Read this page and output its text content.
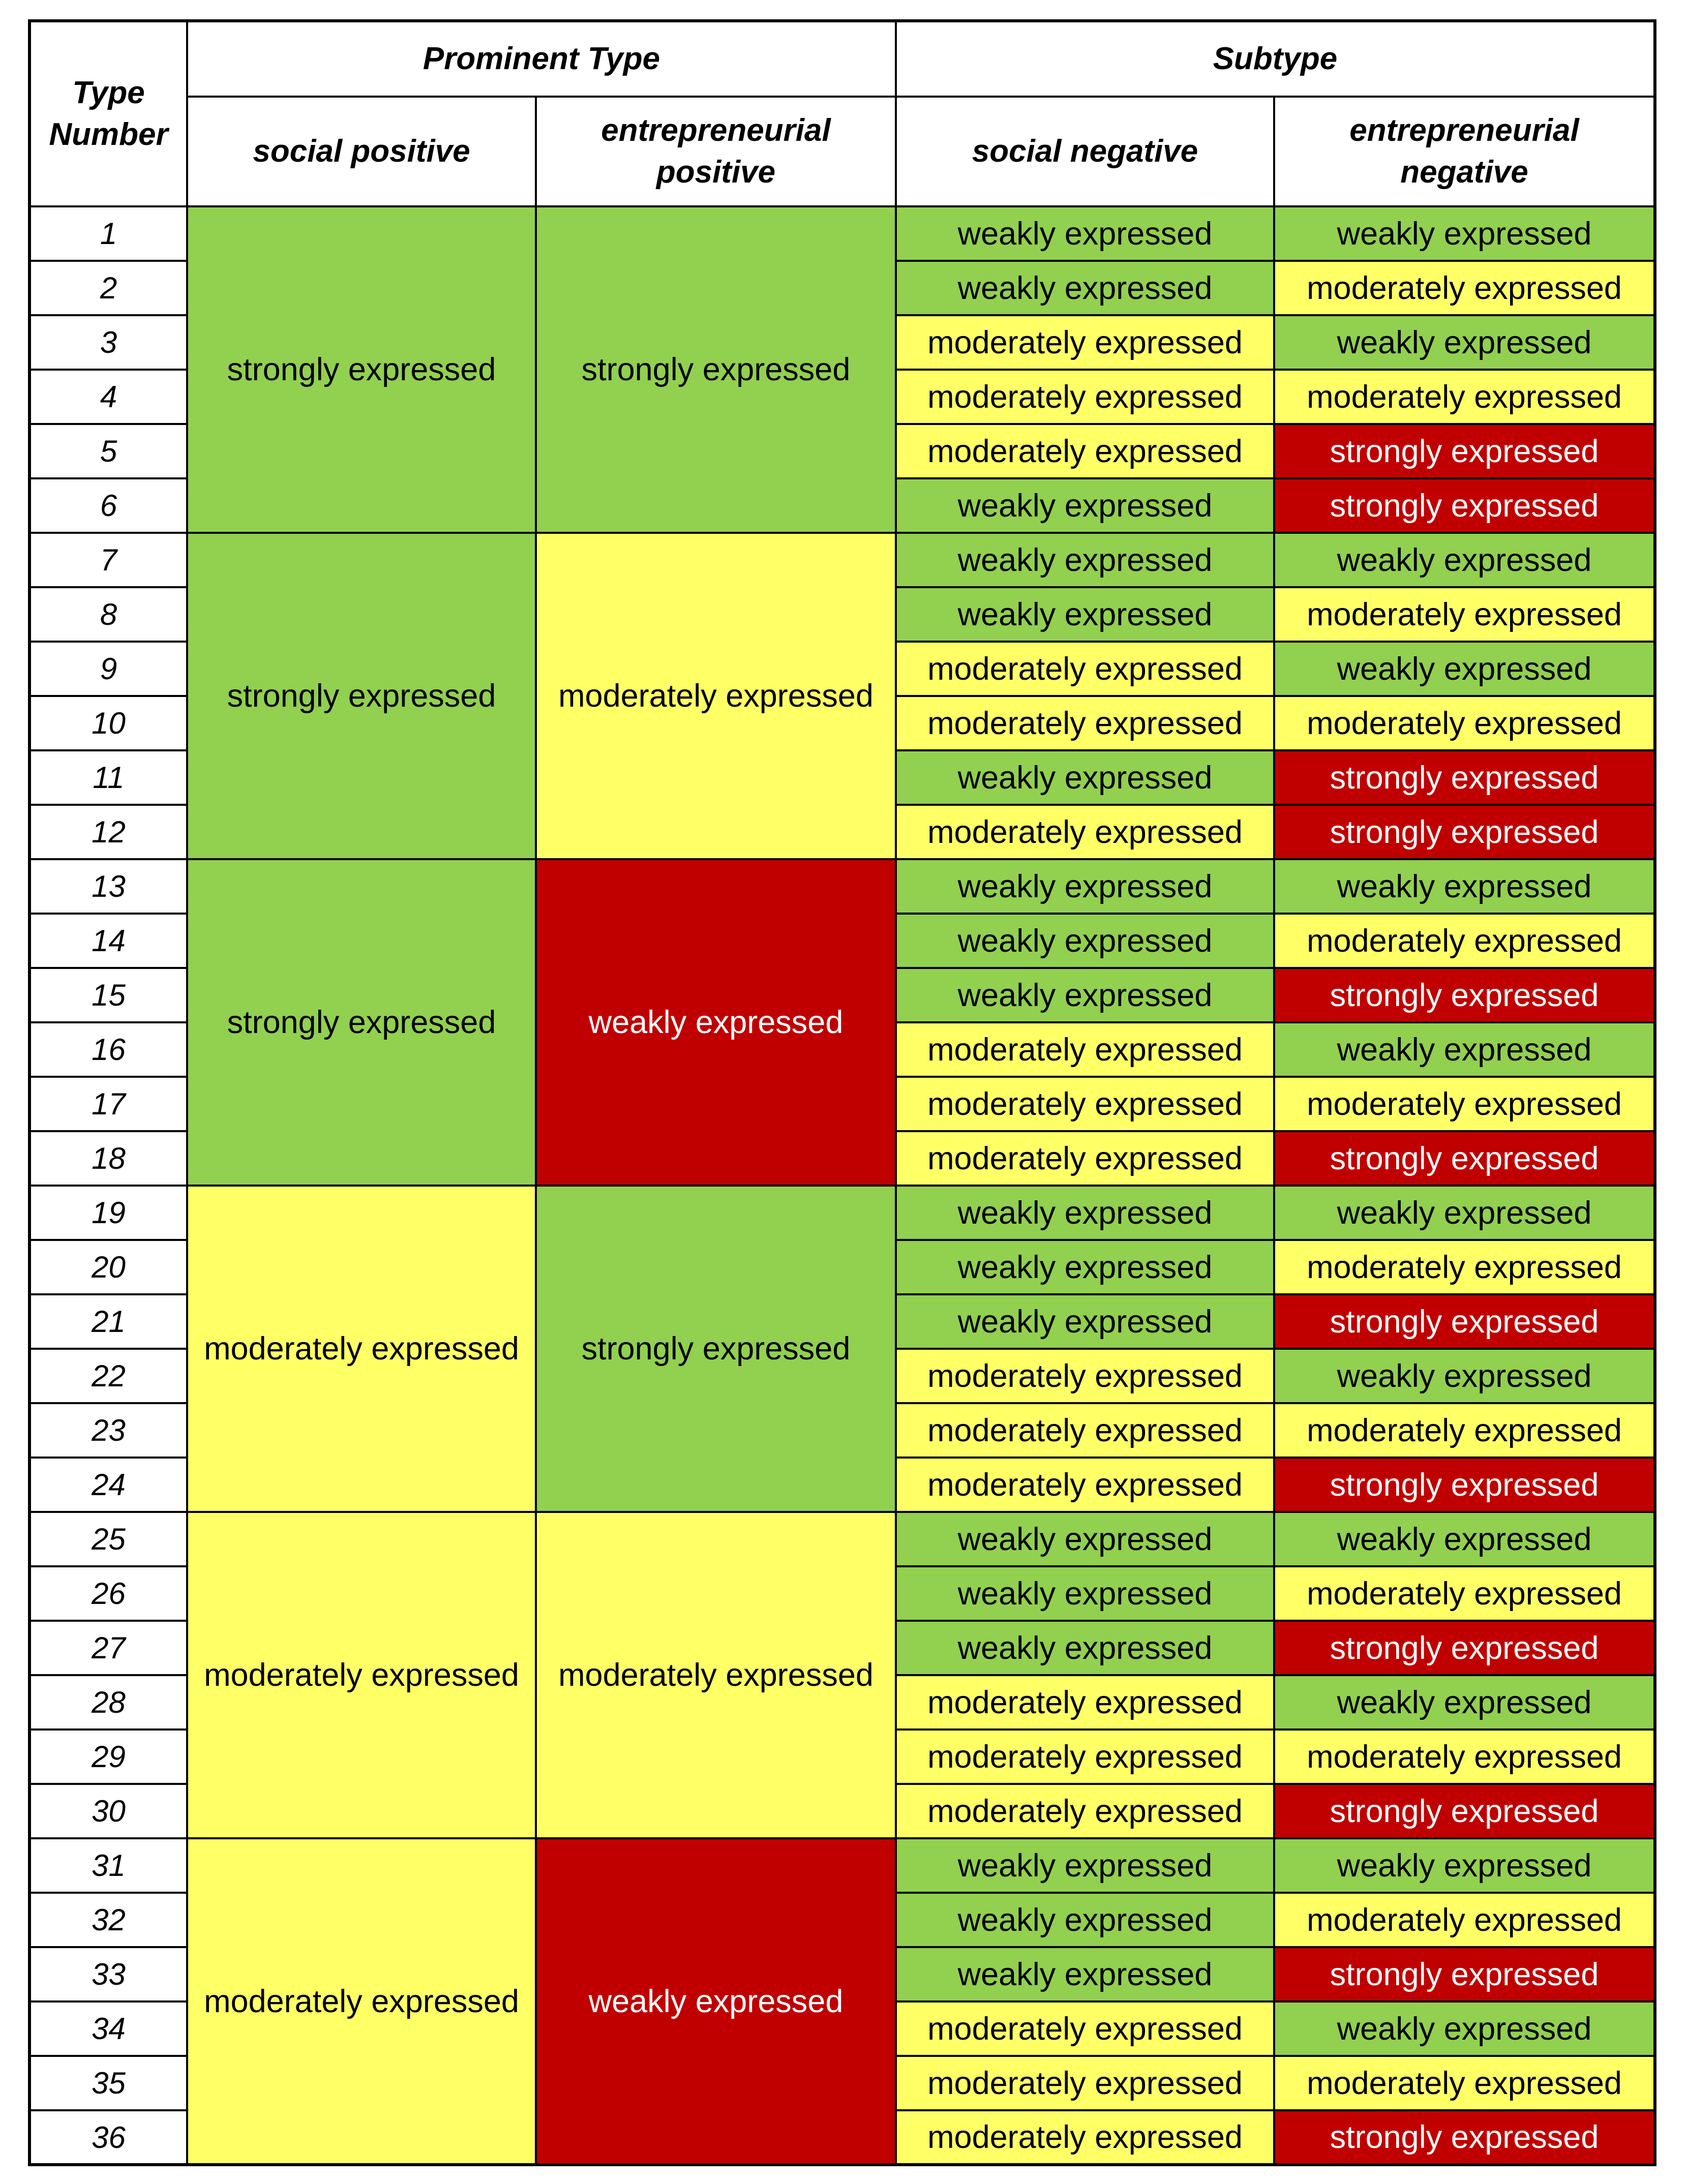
Type Number	Prominent Type		Subtype	
	social positive	entrepreneurial positive	social negative	entrepreneurial negative
1	strongly expressed	strongly expressed	weakly expressed	weakly expressed
2			weakly expressed	moderately expressed
3			moderately expressed	weakly expressed
4			moderately expressed	moderately expressed
5			moderately expressed	strongly expressed
6			weakly expressed	strongly expressed
7	strongly expressed	moderately expressed	weakly expressed	weakly expressed
8			weakly expressed	moderately expressed
9			moderately expressed	weakly expressed
10			moderately expressed	moderately expressed
11			weakly expressed	strongly expressed
12			moderately expressed	strongly expressed
13	strongly expressed	weakly expressed	weakly expressed	weakly expressed
14			weakly expressed	moderately expressed
15			weakly expressed	strongly expressed
16			moderately expressed	weakly expressed
17			moderately expressed	moderately expressed
18			moderately expressed	strongly expressed
19	moderately expressed	strongly expressed	weakly expressed	weakly expressed
20			weakly expressed	moderately expressed
21			weakly expressed	strongly expressed
22			moderately expressed	weakly expressed
23			moderately expressed	moderately expressed
24			moderately expressed	strongly expressed
25	moderately expressed	moderately expressed	weakly expressed	weakly expressed
26			weakly expressed	moderately expressed
27			weakly expressed	strongly expressed
28			moderately expressed	weakly expressed
29			moderately expressed	moderately expressed
30			moderately expressed	strongly expressed
31	moderately expressed	weakly expressed	weakly expressed	weakly expressed
32			weakly expressed	moderately expressed
33			weakly expressed	strongly expressed
34			moderately expressed	weakly expressed
35			moderately expressed	moderately expressed
36			moderately expressed	strongly expressed
